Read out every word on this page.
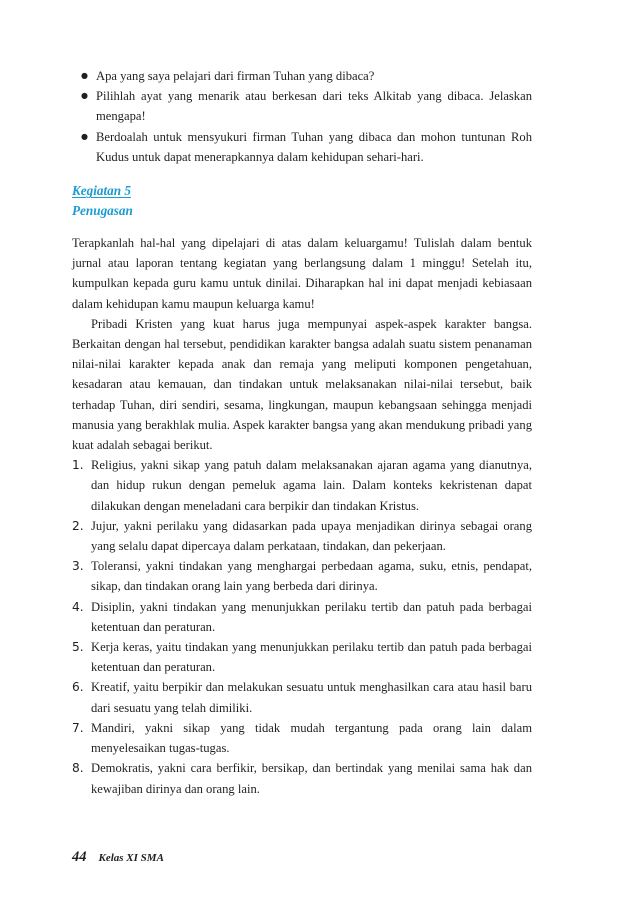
● Apa yang saya pelajari dari firman Tuhan yang dibaca?
● Pilihlah ayat yang menarik atau berkesan dari teks Alkitab yang dibaca. Jelaskan mengapa!
● Berdoalah untuk mensyukuri firman Tuhan yang dibaca dan mohon tuntunan Roh Kudus untuk dapat menerapkannya dalam kehidupan sehari-hari.
Kegiatan 5
Penugasan

Terapkanlah hal-hal yang dipelajari di atas dalam keluargamu! Tulislah dalam bentuk jurnal atau laporan tentang kegiatan yang berlangsung dalam 1 minggu! Setelah itu, kumpulkan kepada guru kamu untuk dinilai. Diharapkan hal ini dapat menjadi kebiasaan dalam kehidupan kamu maupun keluarga kamu!

Pribadi Kristen yang kuat harus juga mempunyai aspek-aspek karakter bangsa. Berkaitan dengan hal tersebut, pendidikan karakter bangsa adalah suatu sistem penanaman nilai-nilai karakter kepada anak dan remaja yang meliputi komponen pengetahuan, kesadaran atau kemauan, dan tindakan untuk melaksanakan nilai-nilai tersebut, baik terhadap Tuhan, diri sendiri, sesama, lingkungan, maupun kebangsaan sehingga menjadi manusia yang berakhlak mulia. Aspek karakter bangsa yang akan mendukung pribadi yang kuat adalah sebagai berikut.

1. Religius, yakni sikap yang patuh dalam melaksanakan ajaran agama yang dianutnya, dan hidup rukun dengan pemeluk agama lain. Dalam konteks kekristenan dapat dilakukan dengan meneladani cara berpikir dan tindakan Kristus.
2. Jujur, yakni perilaku yang didasarkan pada upaya menjadikan dirinya sebagai orang yang selalu dapat dipercaya dalam perkataan, tindakan, dan pekerjaan.
3. Toleransi, yakni tindakan yang menghargai perbedaan agama, suku, etnis, pendapat, sikap, dan tindakan orang lain yang berbeda dari dirinya.
4. Disiplin, yakni tindakan yang menunjukkan perilaku tertib dan patuh pada berbagai ketentuan dan peraturan.
5. Kerja keras, yaitu tindakan yang menunjukkan perilaku tertib dan patuh pada berbagai ketentuan dan peraturan.
6. Kreatif, yaitu berpikir dan melakukan sesuatu untuk menghasilkan cara atau hasil baru dari sesuatu yang telah dimiliki.
7. Mandiri, yakni sikap yang tidak mudah tergantung pada orang lain dalam menyelesaikan tugas-tugas.
8. Demokratis, yakni cara berfikir, bersikap, dan bertindak yang menilai sama hak dan kewajiban dirinya dan orang lain.
44 Kelas XI SMA
